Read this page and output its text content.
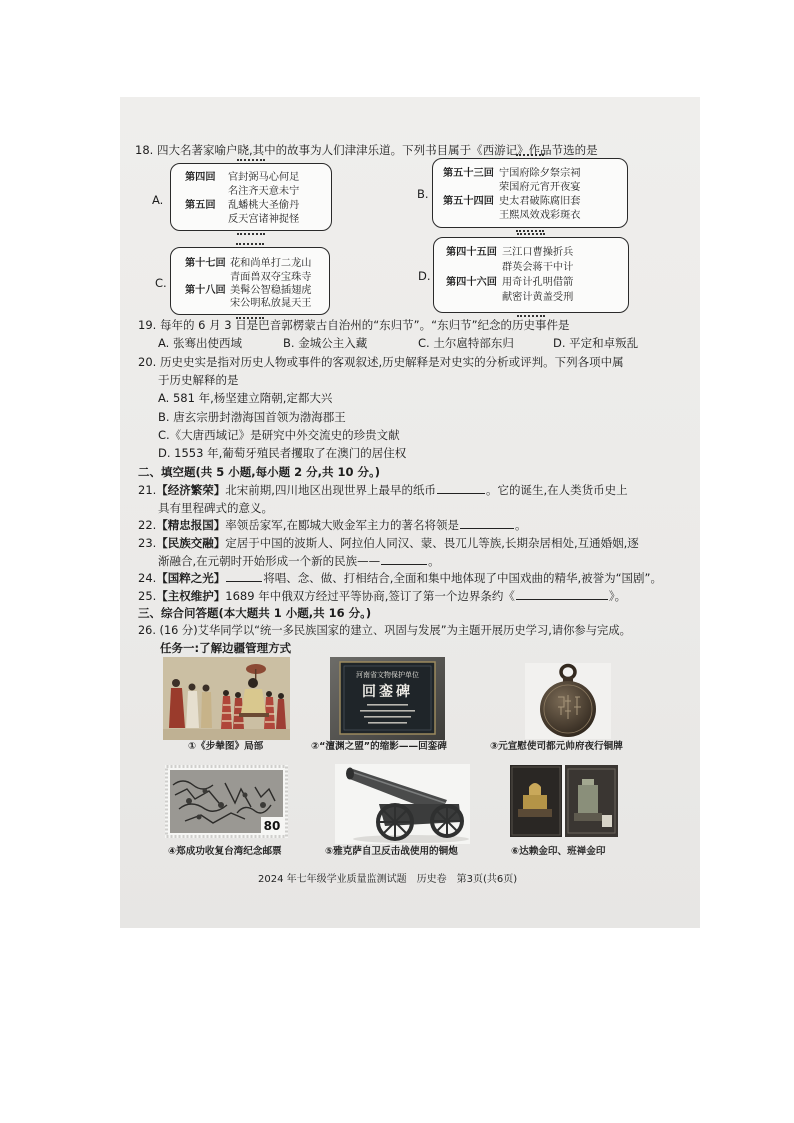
18. 四大名著家喻户晓,其中的故事为人们津津乐道。下列书目属于《西游记》作品节选的是
A.
第四回 官封弼马心何足
名注齐天意未宁
第五回 乱蟠桃大圣偷丹
反天宫诸神捉怪
B.
第五十三回 宁国府除夕祭宗祠
荣国府元宵开夜宴
第五十四回 史太君破陈腐旧套
王熙凤效戏彩斑衣
C.
第十七回 花和尚单打二龙山
青面兽双夺宝珠寺
第十八回 美髯公智稳插翅虎
宋公明私放晁天王
D.
第四十五回 三江口曹操折兵
群英会蒋干中计
第四十六回 用奇计孔明借箭
献密计黄盖受刑
19. 每年的 6 月 3 日是巴音郭楞蒙古自治州的“东归节”。“东归节”纪念的历史事件是
A. 张骞出使西域	B. 金城公主入藏	C. 土尔扈特部东归	D. 平定和卓叛乱
20. 历史史实是指对历史人物或事件的客观叙述,历史解释是对史实的分析或评判。下列各项中属
于历史解释的是
A. 581 年,杨坚建立隋朝,定都大兴
B. 唐玄宗册封渤海国首领为渤海郡王
C.《大唐西域记》是研究中外交流史的珍贵文献
D. 1553 年,葡萄牙殖民者攫取了在澳门的居住权
二、填空题(共 5 小题,每小题 2 分,共 10 分。)
21.【经济繁荣】北宋前期,四川地区出现世界上最早的纸币	。它的诞生,在人类货币史上
具有里程碑式的意义。
22.【精忠报国】率领岳家军,在郾城大败金军主力的著名将领是	。
23.【民族交融】定居于中国的波斯人、阿拉伯人同汉、蒙、畏兀儿等族,长期杂居相处,互通婚姻,逐
渐融合,在元朝时开始形成一个新的民族——	。
24.【国粹之光】	将唱、念、做、打相结合,全面和集中地体现了中国戏曲的精华,被誉为“国剧”。
25.【主权维护】1689 年中俄双方经过平等协商,签订了第一个边界条约《	》。
三、综合问答题(本大题共 1 小题,共 16 分。)
26. (16 分)艾华同学以“统一多民族国家的建立、巩固与发展”为主题开展历史学习,请你参与完成。
任务一:了解边疆管理方式
①《步辇图》局部
河南省文物保护单位
回銮碑
②“澶渊之盟”的缩影——回銮碑	③元宣慰使司都元帅府夜行铜牌
80
④郑成功收复台湾纪念邮票	⑤雅克萨自卫反击战使用的铜炮	⑥达赖金印、班禅金印
2024 年七年级学业质量监测试题　历史卷　第3页(共6页)
